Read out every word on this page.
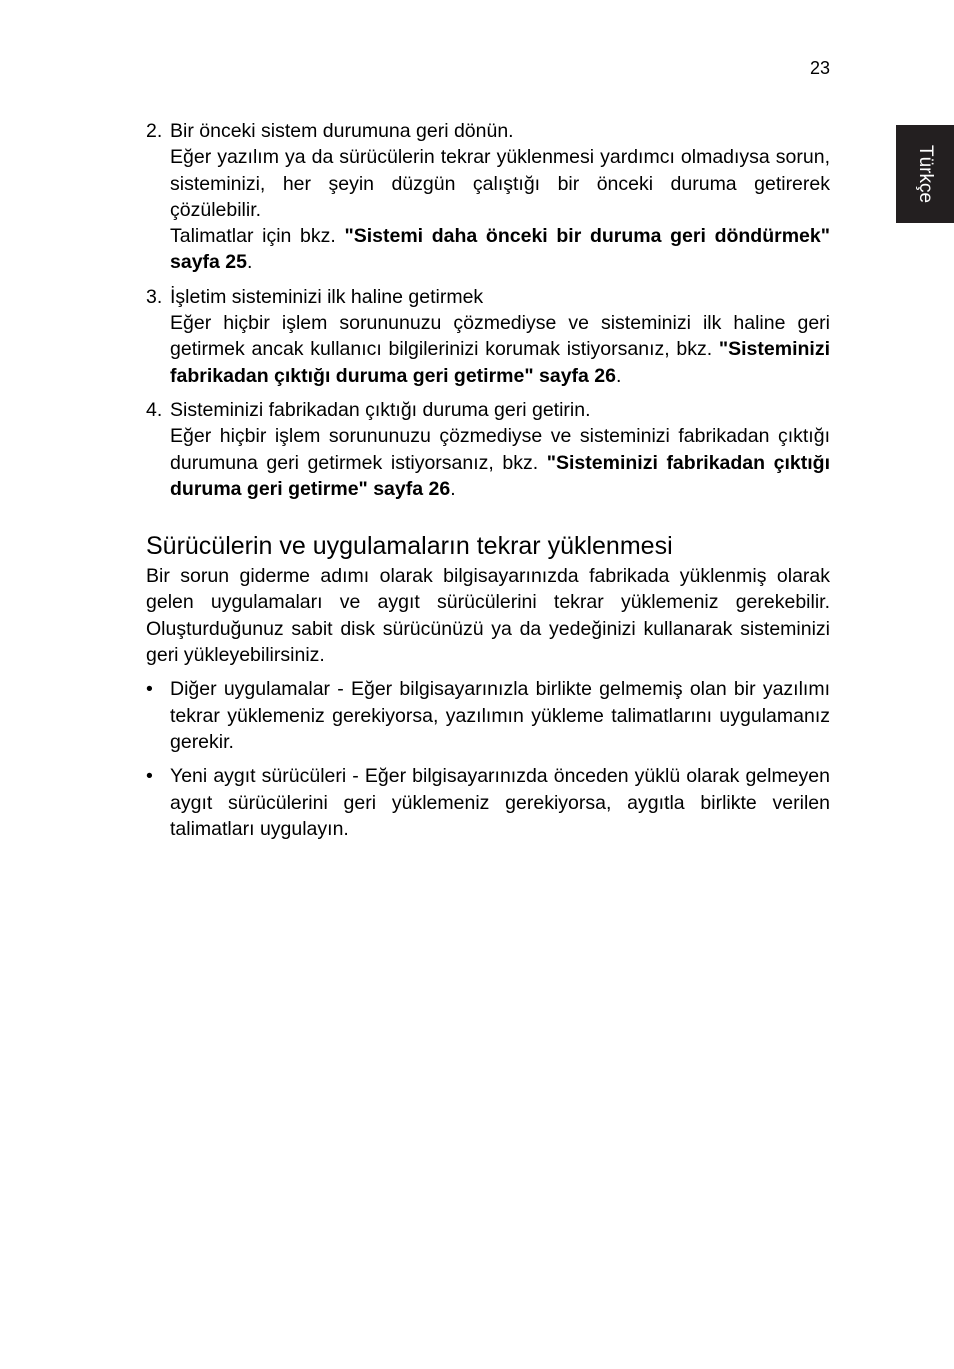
23
Türkçe
2. Bir önceki sistem durumuna geri dönün.
Eğer yazılım ya da sürücülerin tekrar yüklenmesi yardımcı olmadıysa sorun, sisteminizi, her şeyin düzgün çalıştığı bir önceki duruma getirerek çözülebilir.
Talimatlar için bkz. "Sistemi daha önceki bir duruma geri döndürmek" sayfa 25.
3. İşletim sisteminizi ilk haline getirmek
Eğer hiçbir işlem sorununuzu çözmediyse ve sisteminizi ilk haline geri getirmek ancak kullanıcı bilgilerinizi korumak istiyorsanız, bkz. "Sisteminizi fabrikadan çıktığı duruma geri getirme" sayfa 26.
4. Sisteminizi fabrikadan çıktığı duruma geri getirin.
Eğer hiçbir işlem sorununuzu çözmediyse ve sisteminizi fabrikadan çıktığı durumuna geri getirmek istiyorsanız, bkz. "Sisteminizi fabrikadan çıktığı duruma geri getirme" sayfa 26.
Sürücülerin ve uygulamaların tekrar yüklenmesi

Bir sorun giderme adımı olarak bilgisayarınızda fabrikada yüklenmiş olarak gelen uygulamaları ve aygıt sürücülerini tekrar yüklemeniz gerekebilir. Oluşturduğunuz sabit disk sürücünüzü ya da yedeğinizi kullanarak sisteminizi geri yükleyebilirsiniz.

• Diğer uygulamalar - Eğer bilgisayarınızla birlikte gelmemiş olan bir yazılımı tekrar yüklemeniz gerekiyorsa, yazılımın yükleme talimatlarını uygulamanız gerekir.
• Yeni aygıt sürücüleri - Eğer bilgisayarınızda önceden yüklü olarak gelmeyen aygıt sürücülerini geri yüklemeniz gerekiyorsa, aygıtla birlikte verilen talimatları uygulayın.
